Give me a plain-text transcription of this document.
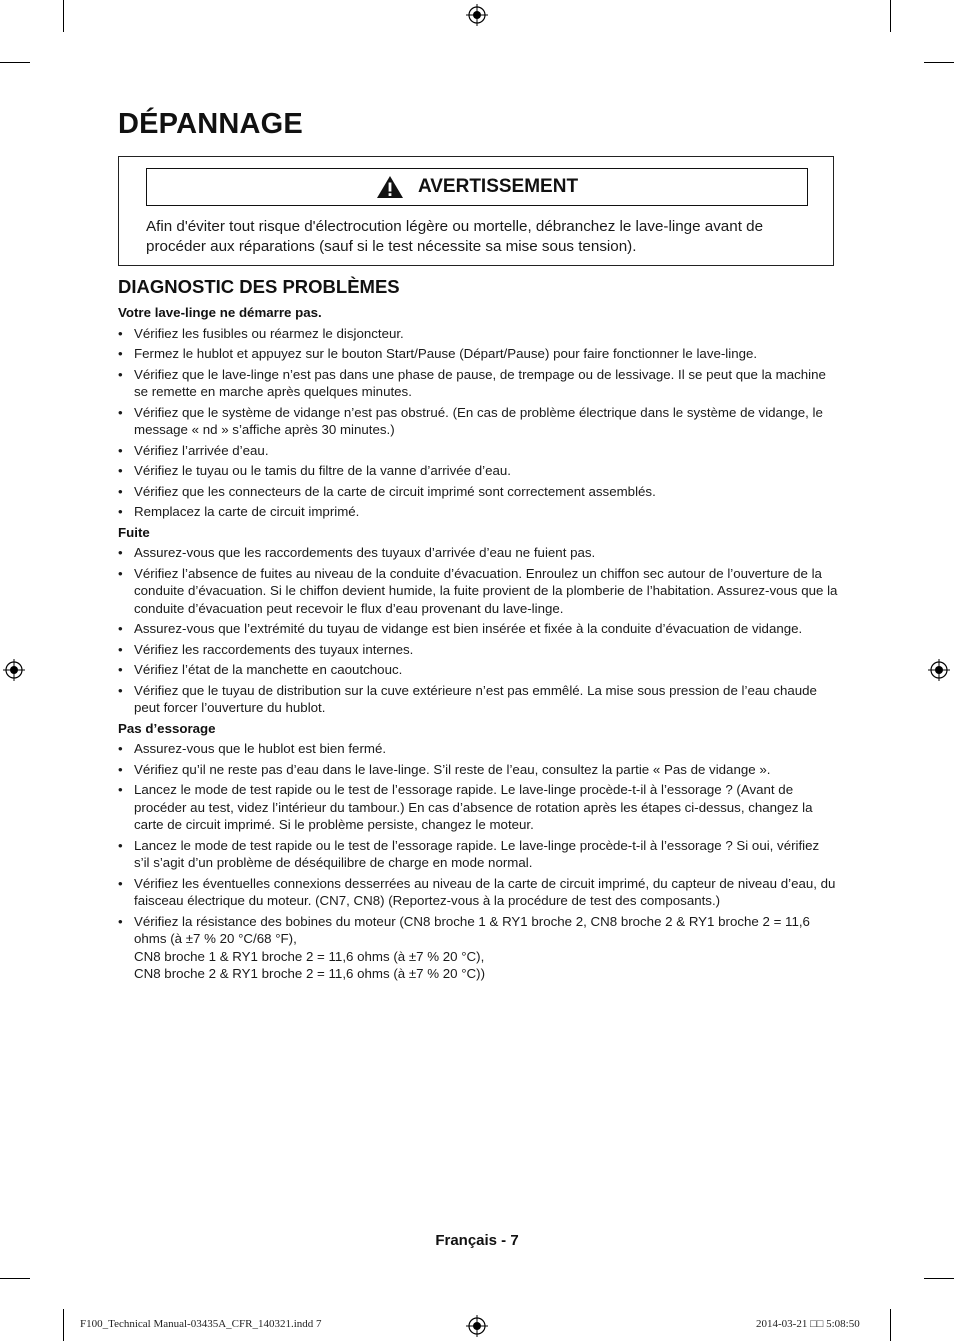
DÉPANNAGE
AVERTISSEMENT
Afin d'éviter tout risque d'électrocution légère ou mortelle, débranchez le lave-linge avant de procéder aux réparations (sauf si le test nécessite sa mise sous tension).
DIAGNOSTIC DES PROBLÈMES
Votre lave-linge ne démarre pas.
• Vérifiez les fusibles ou réarmez le disjoncteur.
• Fermez le hublot et appuyez sur le bouton Start/Pause (Départ/Pause) pour faire fonctionner le lave-linge.
• Vérifiez que le lave-linge n’est pas dans une phase de pause, de trempage ou de lessivage. Il se peut que la machine se remette en marche après quelques minutes.
• Vérifiez que le système de vidange n’est pas obstrué. (En cas de problème électrique dans le système de vidange, le message « nd » s’affiche après 30 minutes.)
• Vérifiez l’arrivée d’eau.
• Vérifiez le tuyau ou le tamis du filtre de la vanne d’arrivée d’eau.
• Vérifiez que les connecteurs de la carte de circuit imprimé sont correctement assemblés.
• Remplacez la carte de circuit imprimé.
Fuite
• Assurez-vous que les raccordements des tuyaux d’arrivée d’eau ne fuient pas.
• Vérifiez l’absence de fuites au niveau de la conduite d’évacuation. Enroulez un chiffon sec autour de l’ouverture de la conduite d’évacuation. Si le chiffon devient humide, la fuite provient de la plomberie de l’habitation. Assurez-vous que la conduite d’évacuation peut recevoir le flux d’eau provenant du lave-linge.
• Assurez-vous que l’extrémité du tuyau de vidange est bien insérée et fixée à la conduite d’évacuation de vidange.
• Vérifiez les raccordements des tuyaux internes.
• Vérifiez l’état de la manchette en caoutchouc.
• Vérifiez que le tuyau de distribution sur la cuve extérieure n’est pas emmêlé. La mise sous pression de l’eau chaude peut forcer l’ouverture du hublot.
Pas d’essorage
• Assurez-vous que le hublot est bien fermé.
• Vérifiez qu’il ne reste pas d’eau dans le lave-linge. S’il reste de l’eau, consultez la partie « Pas de vidange ».
• Lancez le mode de test rapide ou le test de l’essorage rapide. Le lave-linge procède-t-il à l’essorage ? (Avant de procéder au test, videz l’intérieur du tambour.) En cas d’absence de rotation après les étapes ci-dessus, changez la carte de circuit imprimé. Si le problème persiste, changez le moteur.
• Lancez le mode de test rapide ou le test de l’essorage rapide. Le lave-linge procède-t-il à l’essorage ? Si oui, vérifiez s’il s’agit d’un problème de déséquilibre de charge en mode normal.
• Vérifiez les éventuelles connexions desserrées au niveau de la carte de circuit imprimé, du capteur de niveau d’eau, du faisceau électrique du moteur. (CN7, CN8) (Reportez-vous à la procédure de test des composants.)
• Vérifiez la résistance des bobines du moteur (CN8 broche 1 & RY1 broche 2, CN8 broche 2 & RY1 broche 2 = 11,6 ohms (à ±7 % 20 °C/68 °F),
CN8 broche 1 & RY1 broche 2 = 11,6 ohms (à ±7 % 20 °C),
CN8 broche 2 & RY1 broche 2 = 11,6 ohms (à ±7 % 20 °C))
Français - 7
F100_Technical Manual-03435A_CFR_140321.indd 7	2014-03-21 □□ 5:08:50
